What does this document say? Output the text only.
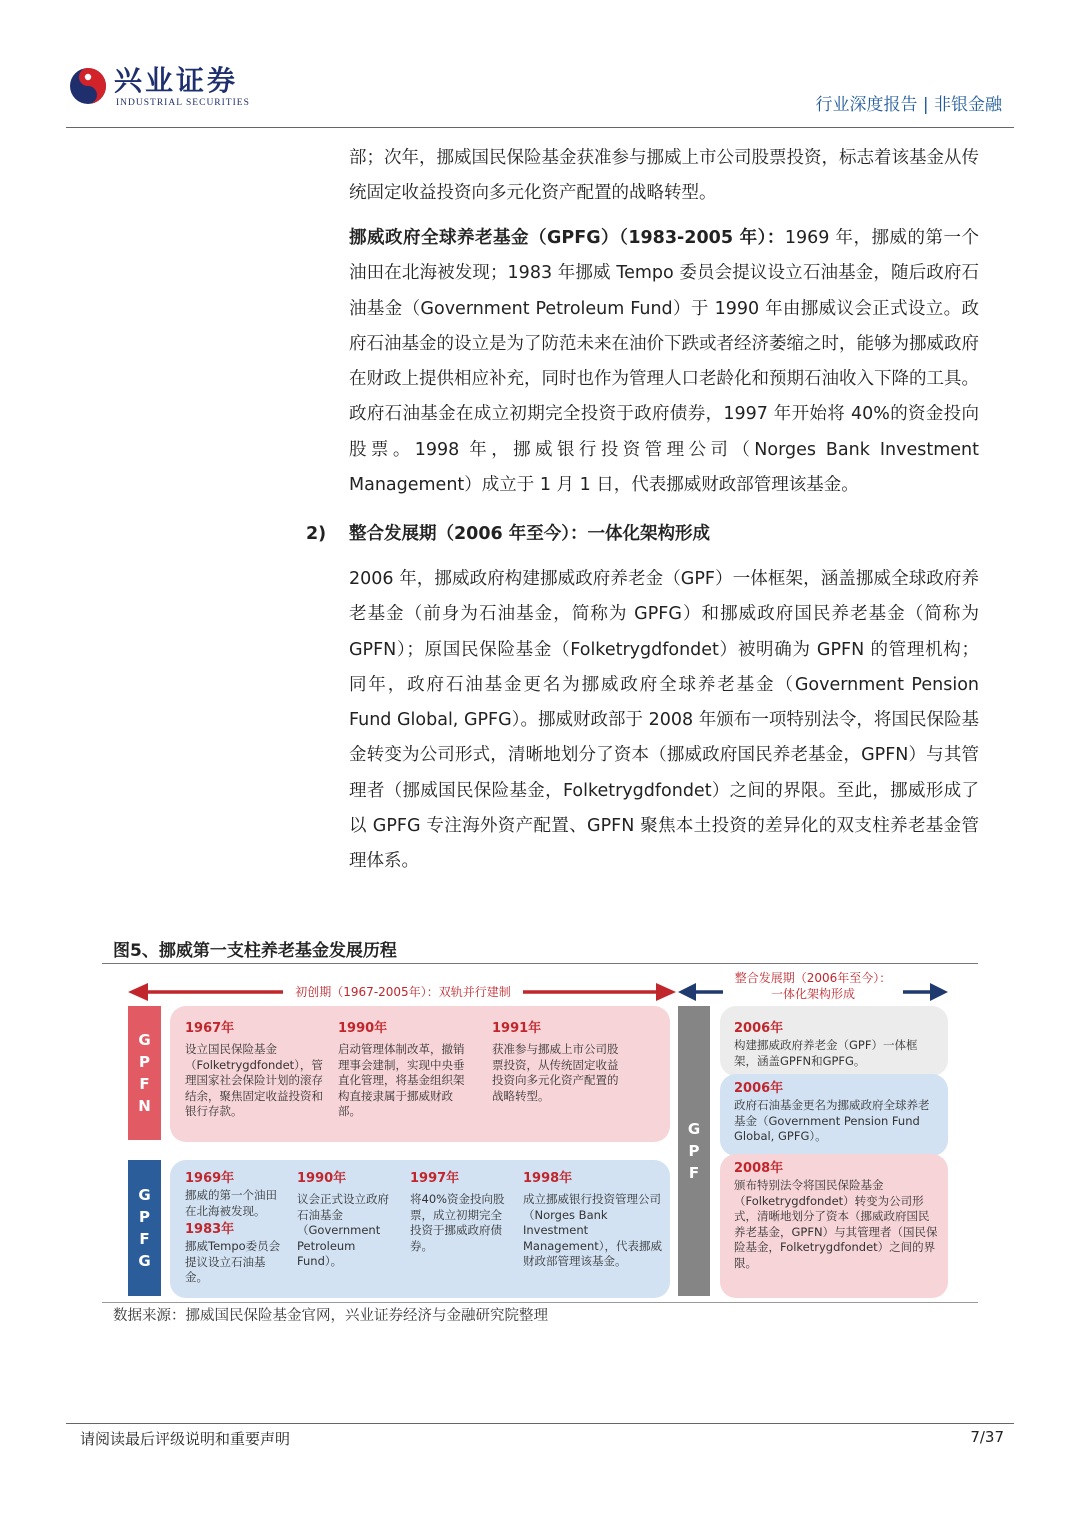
兴业证券
INDUSTRIAL SECURITIES	行业深度报告 | 非银金融

部；次年，挪威国民保险基金获准参与挪威上市公司股票投资，标志着该基金从传统固定收益投资向多元化资产配置的战略转型。

挪威政府全球养老基金（GPFG）（1983-2005 年）：1969 年，挪威的第一个油田在北海被发现；1983 年挪威 Tempo 委员会提议设立石油基金，随后政府石油基金（Government Petroleum Fund）于 1990 年由挪威议会正式设立。政府石油基金的设立是为了防范未来在油价下跌或者经济萎缩之时，能够为挪威政府在财政上提供相应补充，同时也作为管理人口老龄化和预期石油收入下降的工具。政府石油基金在成立初期完全投资于政府债券，1997 年开始将 40%的资金投向股票。1998 年，挪威银行投资管理公司（Norges Bank Investment Management）成立于 1 月 1 日，代表挪威财政部管理该基金。

2) 整合发展期（2006 年至今）：一体化架构形成

2006 年，挪威政府构建挪威政府养老金（GPF）一体框架，涵盖挪威全球政府养老基金（前身为石油基金，简称为 GPFG）和挪威政府国民养老基金（简称为 GPFN）；原国民保险基金（Folketrygdfondet）被明确为 GPFN 的管理机构；同年，政府石油基金更名为挪威政府全球养老基金（Government Pension Fund Global, GPFG）。挪威财政部于 2008 年颁布一项特别法令，将国民保险基金转变为公司形式，清晰地划分了资本（挪威政府国民养老基金，GPFN）与其管理者（挪威国民保险基金，Folketrygdfondet）之间的界限。至此，挪威形成了以 GPFG 专注海外资产配置、GPFN 聚焦本土投资的差异化的双支柱养老基金管理体系。

图5、挪威第一支柱养老基金发展历程
初创期（1967-2005年）：双轨并行建制
整合发展期（2006年至今）：
一体化架构形成
G
P
F
N
G
P
F
G
G
P
F
1967年
设立国民保险基金（Folketrygdfondet），管理国家社会保险计划的滚存结余，聚焦固定收益投资和银行存款。
1990年
启动管理体制改革，撤销理事会建制，实现中央垂直化管理，将基金组织架构直接隶属于挪威财政部。
1991年
获准参与挪威上市公司股票投资，从传统固定收益投资向多元化资产配置的战略转型。
1969年
挪威的第一个油田在北海被发现。
1983年
挪威Tempo委员会提议设立石油基金。
1990年
议会正式设立政府石油基金（Government Petroleum Fund）。
1997年
将40%资金投向股票，成立初期完全投资于挪威政府债券。
1998年
成立挪威银行投资管理公司（Norges Bank Investment Management），代表挪威财政部管理该基金。
2006年
构建挪威政府养老金（GPF）一体框架，涵盖GPFN和GPFG。
2006年
政府石油基金更名为挪威政府全球养老基金（Government Pension Fund Global, GPFG）。
2008年
颁布特别法令将国民保险基金（Folketrygdfondet）转变为公司形式，清晰地划分了资本（挪威政府国民养老基金，GPFN）与其管理者（国民保险基金，Folketrygdfondet）之间的界限。
数据来源：挪威国民保险基金官网，兴业证券经济与金融研究院整理
请阅读最后评级说明和重要声明	7/37
